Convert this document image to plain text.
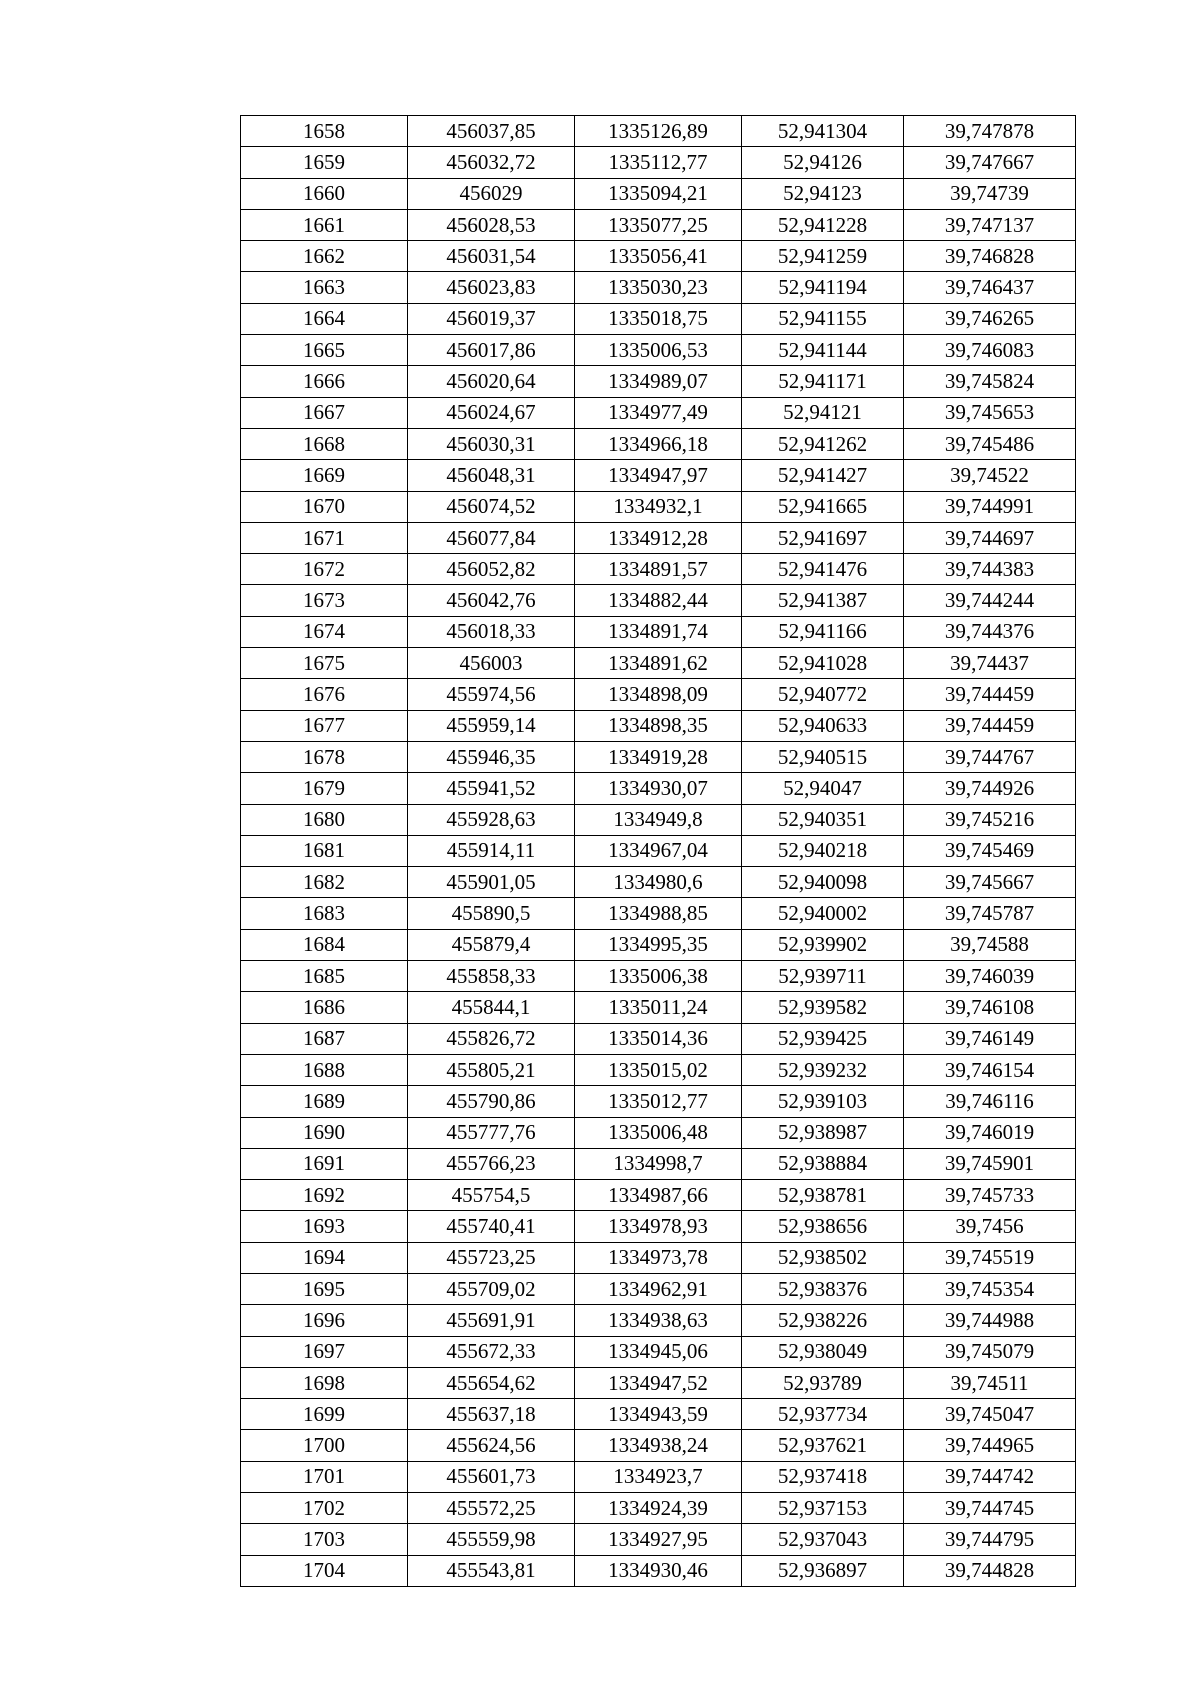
1658	456037,85	1335126,89	52,941304	39,747878
1659	456032,72	1335112,77	52,94126	39,747667
1660	456029	1335094,21	52,94123	39,74739
1661	456028,53	1335077,25	52,941228	39,747137
1662	456031,54	1335056,41	52,941259	39,746828
1663	456023,83	1335030,23	52,941194	39,746437
1664	456019,37	1335018,75	52,941155	39,746265
1665	456017,86	1335006,53	52,941144	39,746083
1666	456020,64	1334989,07	52,941171	39,745824
1667	456024,67	1334977,49	52,94121	39,745653
1668	456030,31	1334966,18	52,941262	39,745486
1669	456048,31	1334947,97	52,941427	39,74522
1670	456074,52	1334932,1	52,941665	39,744991
1671	456077,84	1334912,28	52,941697	39,744697
1672	456052,82	1334891,57	52,941476	39,744383
1673	456042,76	1334882,44	52,941387	39,744244
1674	456018,33	1334891,74	52,941166	39,744376
1675	456003	1334891,62	52,941028	39,74437
1676	455974,56	1334898,09	52,940772	39,744459
1677	455959,14	1334898,35	52,940633	39,744459
1678	455946,35	1334919,28	52,940515	39,744767
1679	455941,52	1334930,07	52,94047	39,744926
1680	455928,63	1334949,8	52,940351	39,745216
1681	455914,11	1334967,04	52,940218	39,745469
1682	455901,05	1334980,6	52,940098	39,745667
1683	455890,5	1334988,85	52,940002	39,745787
1684	455879,4	1334995,35	52,939902	39,74588
1685	455858,33	1335006,38	52,939711	39,746039
1686	455844,1	1335011,24	52,939582	39,746108
1687	455826,72	1335014,36	52,939425	39,746149
1688	455805,21	1335015,02	52,939232	39,746154
1689	455790,86	1335012,77	52,939103	39,746116
1690	455777,76	1335006,48	52,938987	39,746019
1691	455766,23	1334998,7	52,938884	39,745901
1692	455754,5	1334987,66	52,938781	39,745733
1693	455740,41	1334978,93	52,938656	39,7456
1694	455723,25	1334973,78	52,938502	39,745519
1695	455709,02	1334962,91	52,938376	39,745354
1696	455691,91	1334938,63	52,938226	39,744988
1697	455672,33	1334945,06	52,938049	39,745079
1698	455654,62	1334947,52	52,93789	39,74511
1699	455637,18	1334943,59	52,937734	39,745047
1700	455624,56	1334938,24	52,937621	39,744965
1701	455601,73	1334923,7	52,937418	39,744742
1702	455572,25	1334924,39	52,937153	39,744745
1703	455559,98	1334927,95	52,937043	39,744795
1704	455543,81	1334930,46	52,936897	39,744828
